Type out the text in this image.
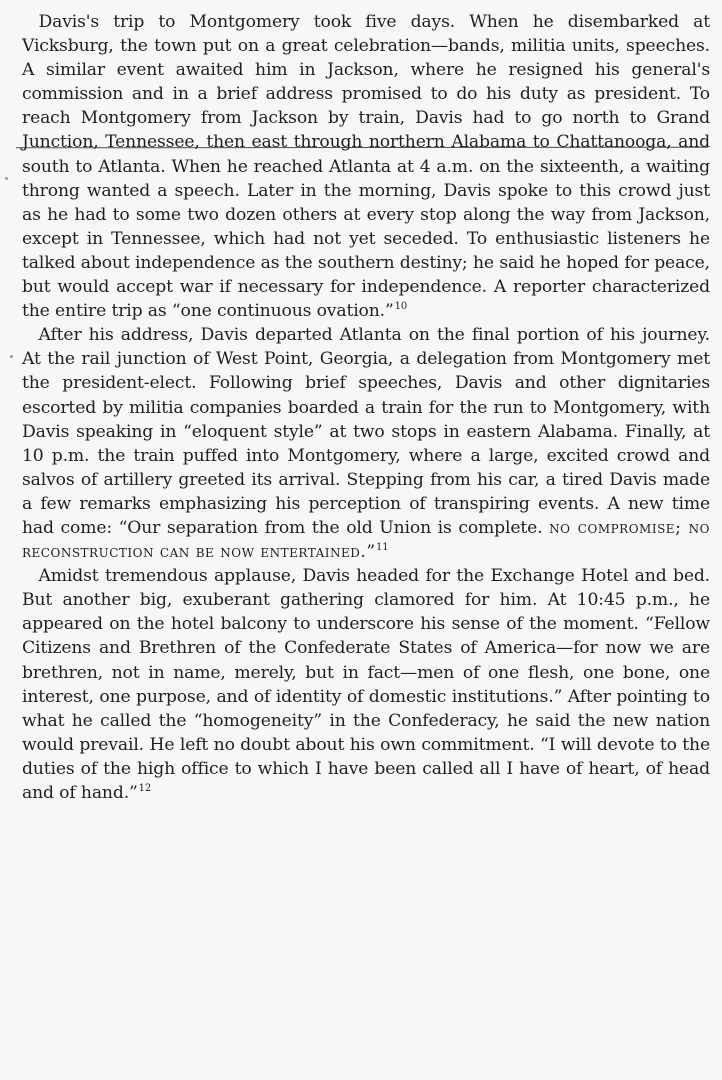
Davis's trip to Montgomery took five days. When he disembarked at Vicksburg, the town put on a great celebration—bands, militia units, speeches. A similar event awaited him in Jackson, where he resigned his general's commission and in a brief address promised to do his duty as president. To reach Montgomery from Jackson by train, Davis had to go north to Grand Junction, Tennessee, then east through northern Alabama to Chattanooga, and south to Atlanta. When he reached Atlanta at 4 a.m. on the sixteenth, a waiting throng wanted a speech. Later in the morning, Davis spoke to this crowd just as he had to some two dozen others at every stop along the way from Jackson, except in Tennessee, which had not yet seceded. To enthusiastic listeners he talked about independence as the southern destiny; he said he hoped for peace, but would accept war if necessary for independence. A reporter characterized the entire trip as “one continuous ovation.”$^{10}$

After his address, Davis departed Atlanta on the final portion of his journey. At the rail junction of West Point, Georgia, a delegation from Montgomery met the president-elect. Following brief speeches, Davis and other dignitaries escorted by militia companies boarded a train for the run to Montgomery, with Davis speaking in “eloquent style” at two stops in eastern Alabama. Finally, at 10 p.m. the train puffed into Montgomery, where a large, excited crowd and salvos of artillery greeted its arrival. Stepping from his car, a tired Davis made a few remarks emphasizing his perception of transpiring events. A new time had come: “Our separation from the old Union is complete. no compromise; no reconstruction can be now entertained.”$^{11}$

Amidst tremendous applause, Davis headed for the Exchange Hotel and bed. But another big, exuberant gathering clamored for him. At 10:45 p.m., he appeared on the hotel balcony to underscore his sense of the moment. “Fellow Citizens and Brethren of the Confederate States of America—for now we are brethren, not in name, merely, but in fact—men of one flesh, one bone, one interest, one purpose, and of identity of domestic institutions.” After pointing to what he called the “homogeneity” in the Confederacy, he said the new nation would prevail. He left no doubt about his own commitment. “I will devote to the duties of the high office to which I have been called all I have of heart, of head and of hand.”$^{12}$
